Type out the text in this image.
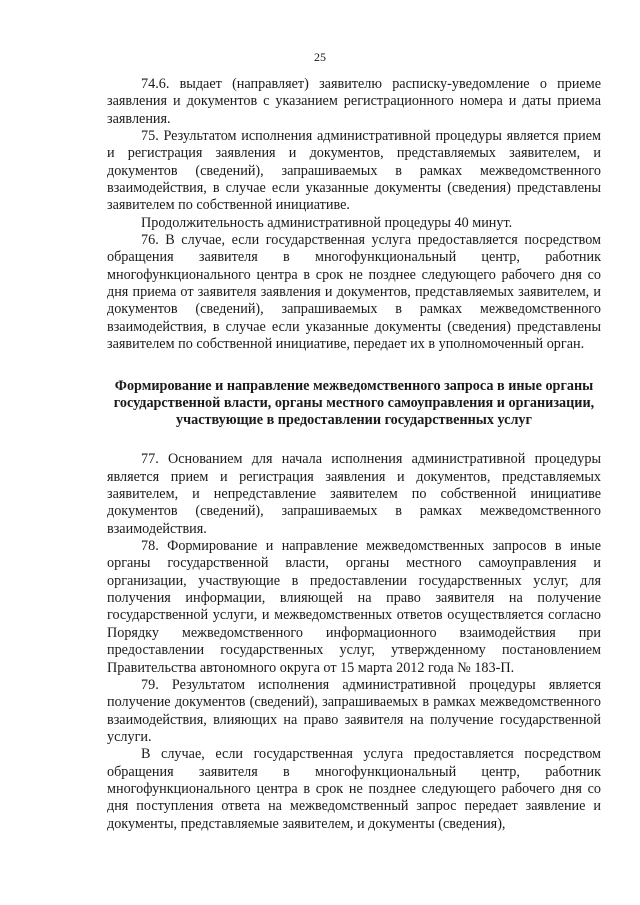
25

74.6. выдает (направляет) заявителю расписку-уведомление о приеме заявления и документов с указанием регистрационного номера и даты приема заявления.

75. Результатом исполнения административной процедуры является прием и регистрация заявления и документов, представляемых заявителем, и документов (сведений), запрашиваемых в рамках межведомственного взаимодействия, в случае если указанные документы (сведения) представлены заявителем по собственной инициативе.

Продолжительность административной процедуры 40 минут.

76. В случае, если государственная услуга предоставляется посредством обращения заявителя в многофункциональный центр, работник многофункционального центра в срок не позднее следующего рабочего дня со дня приема от заявителя заявления и документов, представляемых заявителем, и документов (сведений), запрашиваемых в рамках межведомственного взаимодействия, в случае если указанные документы (сведения) представлены заявителем по собственной инициативе, передает их в уполномоченный орган.

Формирование и направление межведомственного запроса в иные органы государственной власти, органы местного самоуправления и организации, участвующие в предоставлении государственных услуг

77. Основанием для начала исполнения административной процедуры является прием и регистрация заявления и документов, представляемых заявителем, и непредставление заявителем по собственной инициативе документов (сведений), запрашиваемых в рамках межведомственного взаимодействия.

78. Формирование и направление межведомственных запросов в иные органы государственной власти, органы местного самоуправления и организации, участвующие в предоставлении государственных услуг, для получения информации, влияющей на право заявителя на получение государственной услуги, и межведомственных ответов осуществляется согласно Порядку межведомственного информационного взаимодействия при предоставлении государственных услуг, утвержденному постановлением Правительства автономного округа от 15 марта 2012 года № 183-П.

79. Результатом исполнения административной процедуры является получение документов (сведений), запрашиваемых в рамках межведомственного взаимодействия, влияющих на право заявителя на получение государственной услуги.

В случае, если государственная услуга предоставляется посредством обращения заявителя в многофункциональный центр, работник многофункционального центра в срок не позднее следующего рабочего дня со дня поступления ответа на межведомственный запрос передает заявление и документы, представляемые заявителем, и документы (сведения),
